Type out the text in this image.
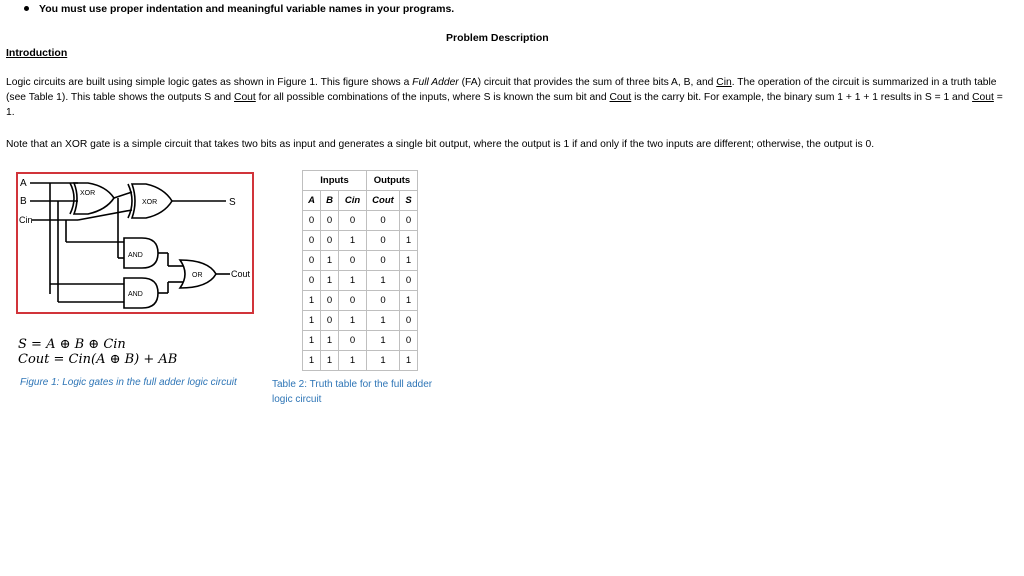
You must use proper indentation and meaningful variable names in your programs.
Problem Description
Introduction
Logic circuits are built using simple logic gates as shown in Figure 1. This figure shows a Full Adder (FA) circuit that provides the sum of three bits A, B, and Cin. The operation of the circuit is summarized in a truth table (see Table 1). This table shows the outputs S and Cout for all possible combinations of the inputs, where S is known the sum bit and Cout is the carry bit. For example, the binary sum 1 + 1 + 1 results in S = 1 and Cout = 1.
Note that an XOR gate is a simple circuit that takes two bits as input and generates a single bit output, where the output is 1 if and only if the two inputs are different; otherwise, the output is 0.
A
B
Cin
XOR
XOR
AND
AND
OR
S
Cout
S = A ⊕ B ⊕ Cin
Cout = Cin(A ⊕ B) + AB
Figure 1: Logic gates in the full adder logic circuit
Inputs			Outputs	
A	B	Cin	Cout	S
0	0	0	0	0
0	0	1	0	1
0	1	0	0	1
0	1	1	1	0
1	0	0	0	1
1	0	1	1	0
1	1	0	1	0
1	1	1	1	1
Table 2: Truth table for the full adder logic circuit
